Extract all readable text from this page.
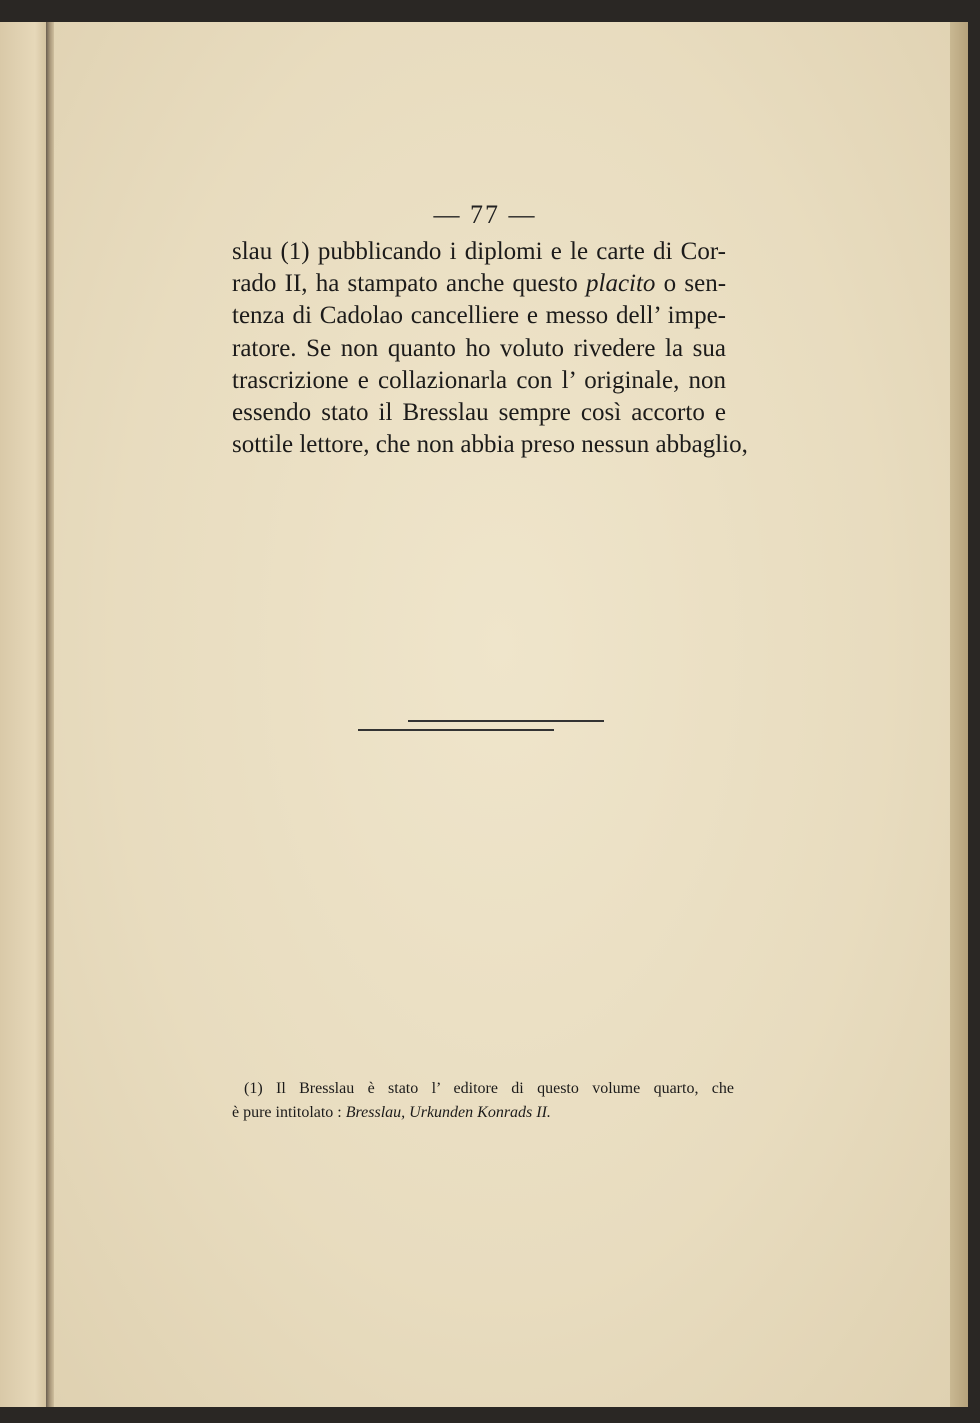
— 77 —
slau (1) pubblicando i diplomi e le carte di Cor-
rado II, ha stampato anche questo placito o sen-
tenza di Cadolao cancelliere e messo dell’ impe-
ratore. Se non quanto ho voluto rivedere la sua
trascrizione e collazionarla con l’ originale, non
essendo stato il Bresslau sempre così accorto e
sottile lettore, che non abbia preso nessun abbaglio,
(1) Il Bresslau è stato l’ editore di questo volume quarto, che
è pure intitolato : Bresslau, Urkunden Konrads II.
